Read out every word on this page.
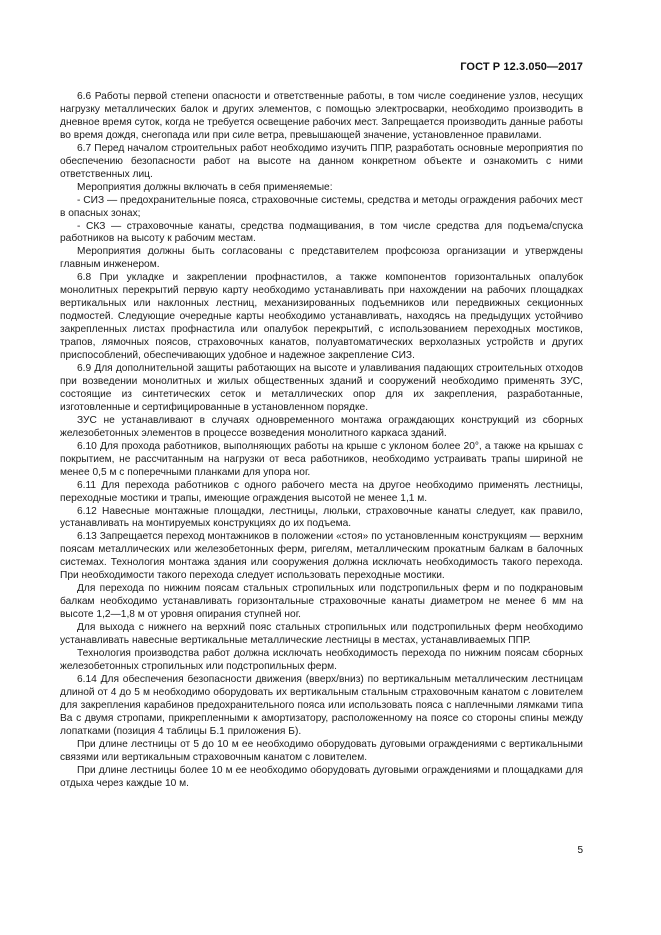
ГОСТ Р 12.3.050—2017

6.6 Работы первой степени опасности и ответственные работы, в том числе соединение узлов, несущих нагрузку металлических балок и других элементов, с помощью электросварки, необходимо производить в дневное время суток, когда не требуется освещение рабочих мест. Запрещается производить данные работы во время дождя, снегопада или при силе ветра, превышающей значение, установленное правилами.

6.7 Перед началом строительных работ необходимо изучить ППР, разработать основные мероприятия по обеспечению безопасности работ на высоте на данном конкретном объекте и ознакомить с ними ответственных лиц.

Мероприятия должны включать в себя применяемые:

- СИЗ — предохранительные пояса, страховочные системы, средства и методы ограждения рабочих мест в опасных зонах;

- СКЗ — страховочные канаты, средства подмащивания, в том числе средства для подъема/спуска работников на высоту к рабочим местам.

Мероприятия должны быть согласованы с представителем профсоюза организации и утверждены главным инженером.

6.8 При укладке и закреплении профнастилов, а также компонентов горизонтальных опалубок монолитных перекрытий первую карту необходимо устанавливать при нахождении на рабочих площадках вертикальных или наклонных лестниц, механизированных подъемников или передвижных секционных подмостей. Следующие очередные карты необходимо устанавливать, находясь на предыдущих устойчиво закрепленных листах профнастила или опалубок перекрытий, с использованием переходных мостиков, трапов, лямочных поясов, страховочных канатов, полуавтоматических верхолазных устройств и других приспособлений, обеспечивающих удобное и надежное закрепление СИЗ.

6.9 Для дополнительной защиты работающих на высоте и улавливания падающих строительных отходов при возведении монолитных и жилых общественных зданий и сооружений необходимо применять ЗУС, состоящие из синтетических сеток и металлических опор для их закрепления, разработанные, изготовленные и сертифицированные в установленном порядке.

ЗУС не устанавливают в случаях одновременного монтажа ограждающих конструкций из сборных железобетонных элементов в процессе возведения монолитного каркаса зданий.

6.10 Для прохода работников, выполняющих работы на крыше с уклоном более 20°, а также на крышах с покрытием, не рассчитанным на нагрузки от веса работников, необходимо устраивать трапы шириной не менее 0,5 м с поперечными планками для упора ног.

6.11 Для перехода работников с одного рабочего места на другое необходимо применять лестницы, переходные мостики и трапы, имеющие ограждения высотой не менее 1,1 м.

6.12 Навесные монтажные площадки, лестницы, люльки, страховочные канаты следует, как правило, устанавливать на монтируемых конструкциях до их подъема.

6.13 Запрещается переход монтажников в положении «стоя» по установленным конструкциям — верхним поясам металлических или железобетонных ферм, ригелям, металлическим прокатным балкам в балочных системах. Технология монтажа здания или сооружения должна исключать необходимость такого перехода. При необходимости такого перехода следует использовать переходные мостики.

Для перехода по нижним поясам стальных стропильных или подстропильных ферм и по подкрановым балкам необходимо устанавливать горизонтальные страховочные канаты диаметром не менее 6 мм на высоте 1,2—1,8 м от уровня опирания ступней ног.

Для выхода с нижнего на верхний пояс стальных стропильных или подстропильных ферм необходимо устанавливать навесные вертикальные металлические лестницы в местах, устанавливаемых ППР.

Технология производства работ должна исключать необходимость перехода по нижним поясам сборных железобетонных стропильных или подстропильных ферм.

6.14 Для обеспечения безопасности движения (вверх/вниз) по вертикальным металлическим лестницам длиной от 4 до 5 м необходимо оборудовать их вертикальным стальным страховочным канатом с ловителем для закрепления карабинов предохранительного пояса или использовать пояса с наплечными лямками типа Ва с двумя стропами, прикрепленными к амортизатору, расположенному на поясе со стороны спины между лопатками (позиция 4 таблицы Б.1 приложения Б).

При длине лестницы от 5 до 10 м ее необходимо оборудовать дуговыми ограждениями с вертикальными связями или вертикальным страховочным канатом с ловителем.

При длине лестницы более 10 м ее необходимо оборудовать дуговыми ограждениями и площадками для отдыха через каждые 10 м.

5
